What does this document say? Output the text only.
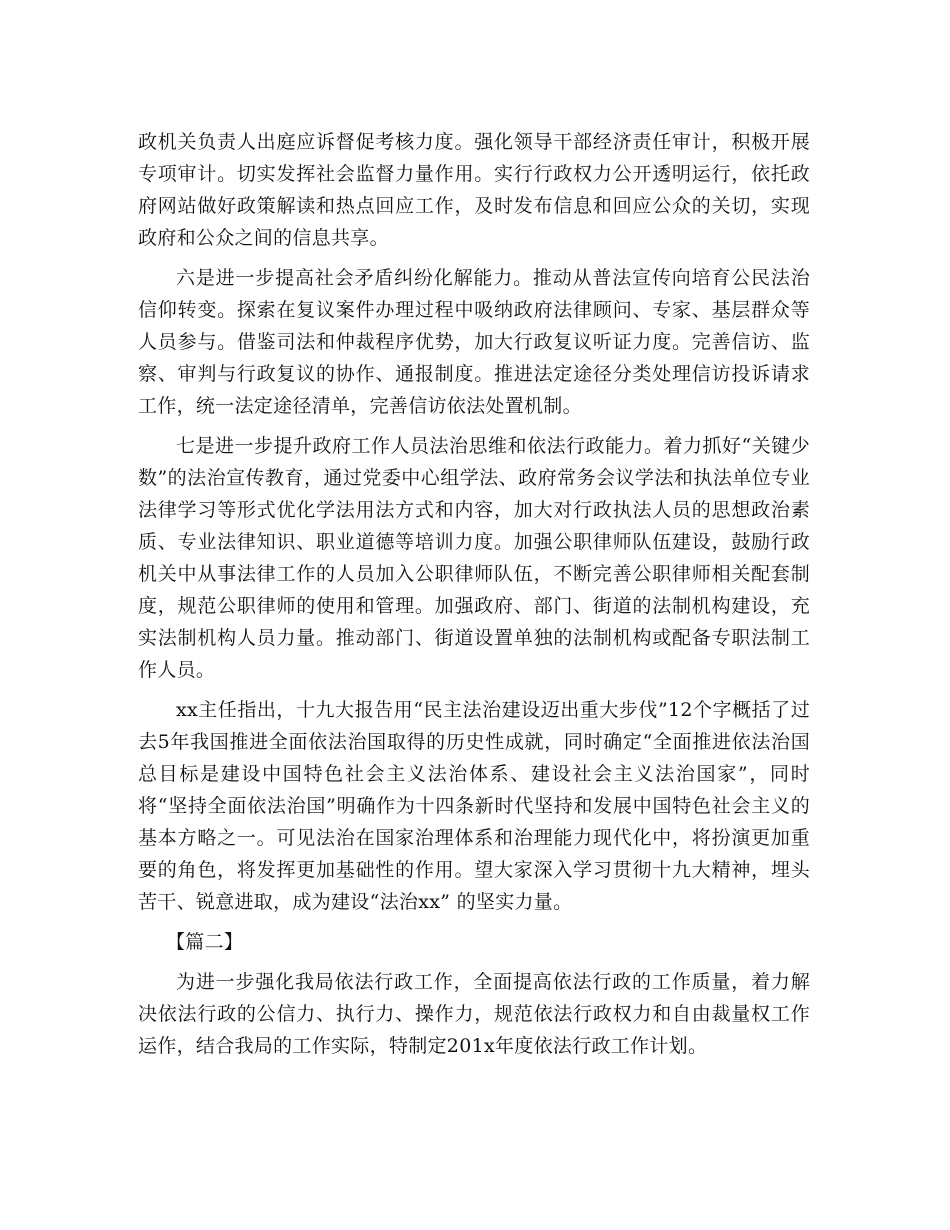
政机关负责人出庭应诉督促考核力度。强化领导干部经济责任审计，积极开展专项审计。切实发挥社会监督力量作用。实行行政权力公开透明运行，依托政府网站做好政策解读和热点回应工作，及时发布信息和回应公众的关切，实现政府和公众之间的信息共享。

六是进一步提高社会矛盾纠纷化解能力。推动从普法宣传向培育公民法治信仰转变。探索在复议案件办理过程中吸纳政府法律顾问、专家、基层群众等人员参与。借鉴司法和仲裁程序优势，加大行政复议听证力度。完善信访、监察、审判与行政复议的协作、通报制度。推进法定途径分类处理信访投诉请求工作，统一法定途径清单，完善信访依法处置机制。

七是进一步提升政府工作人员法治思维和依法行政能力。着力抓好“关键少数”的法治宣传教育，通过党委中心组学法、政府常务会议学法和执法单位专业法律学习等形式优化学法用法方式和内容，加大对行政执法人员的思想政治素质、专业法律知识、职业道德等培训力度。加强公职律师队伍建设，鼓励行政机关中从事法律工作的人员加入公职律师队伍，不断完善公职律师相关配套制度，规范公职律师的使用和管理。加强政府、部门、街道的法制机构建设，充实法制机构人员力量。推动部门、街道设置单独的法制机构或配备专职法制工作人员。

xx主任指出，十九大报告用“民主法治建设迈出重大步伐”12个字概括了过去5年我国推进全面依法治国取得的历史性成就，同时确定“全面推进依法治国总目标是建设中国特色社会主义法治体系、建设社会主义法治国家”，同时将“坚持全面依法治国”明确作为十四条新时代坚持和发展中国特色社会主义的基本方略之一。可见法治在国家治理体系和治理能力现代化中，将扮演更加重要的角色，将发挥更加基础性的作用。望大家深入学习贯彻十九大精神，埋头苦干、锐意进取，成为建设“法治xx” 的坚实力量。

【篇二】

为进一步强化我局依法行政工作，全面提高依法行政的工作质量，着力解决依法行政的公信力、执行力、操作力，规范依法行政权力和自由裁量权工作运作，结合我局的工作实际，特制定201x年度依法行政工作计划。
